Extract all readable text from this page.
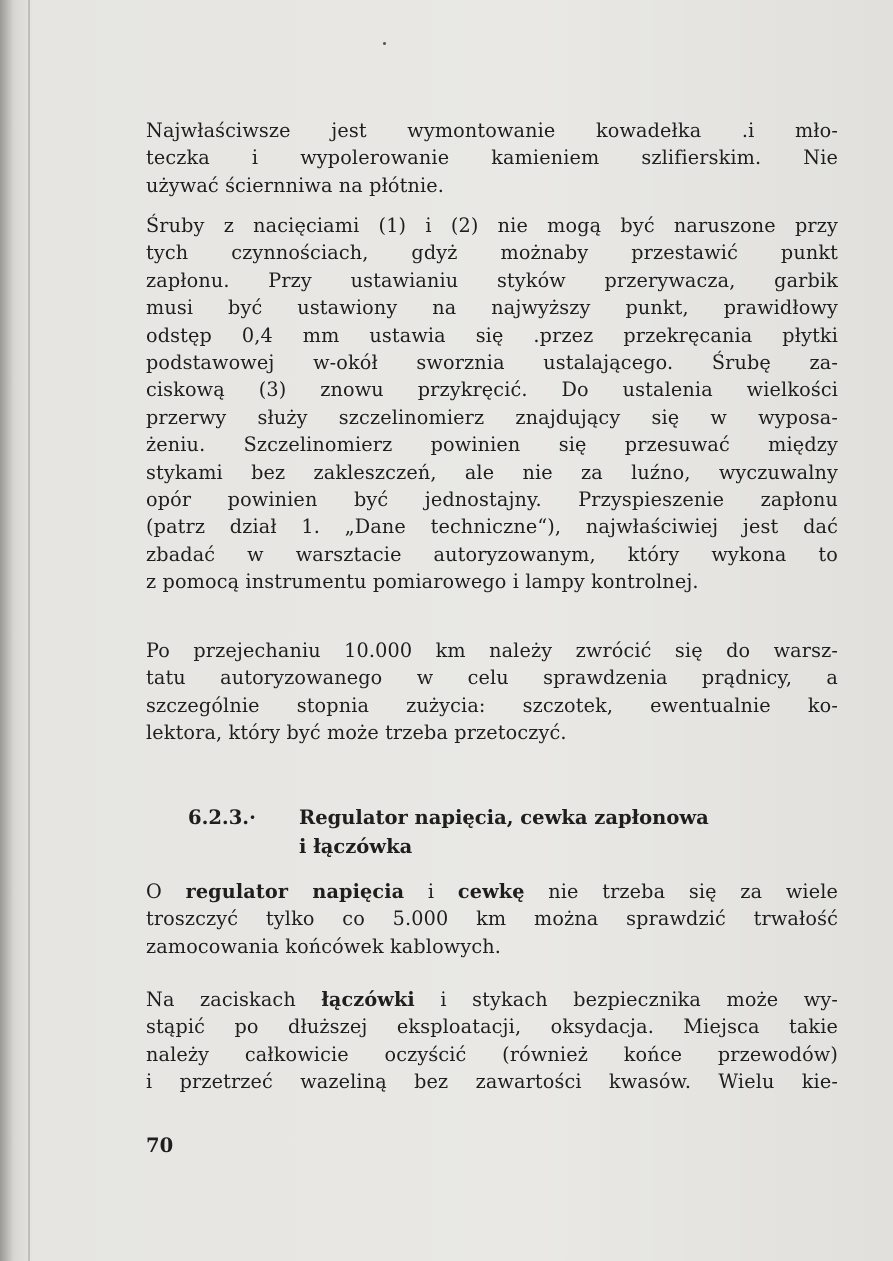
Najwłaściwsze jest wymontowanie kowadełka .i mło-
teczka i wypolerowanie kamieniem szlifierskim. Nie
używać ściernniwa na płótnie.

Śruby z nacięciami (1) i (2) nie mogą być naruszone przy
tych czynnościach, gdyż możnaby przestawić punkt
zapłonu. Przy ustawianiu styków przerywacza, garbik
musi być ustawiony na najwyższy punkt, prawidłowy
odstęp 0,4 mm ustawia się .przez przekręcania płytki
podstawowej w-okół sworznia ustalającego. Śrubę za-
ciskową (3) znowu przykręcić. Do ustalenia wielkości
przerwy służy szczelinomierz znajdujący się w wyposa-
żeniu. Szczelinomierz powinien się przesuwać między
stykami bez zakleszczeń, ale nie za luźno, wyczuwalny
opór powinien być jednostajny. Przyspieszenie zapłonu
(patrz dział 1. „Dane techniczne“), najwłaściwiej jest dać
zbadać w warsztacie autoryzowanym, który wykona to
z pomocą instrumentu pomiarowego i lampy kontrolnej.

Po przejechaniu 10.000 km należy zwrócić się do warsz-
tatu autoryzowanego w celu sprawdzenia prądnicy, a
szczególnie stopnia zużycia: szczotek, ewentualnie ko-
lektora, który być może trzeba przetoczyć.

6.2.3.· Regulator napięcia, cewka zapłonowa
i łączówka

O regulator napięcia i cewkę nie trzeba się za wiele
troszczyć tylko co 5.000 km można sprawdzić trwałość
zamocowania końcówek kablowych.

Na zaciskach łączówki i stykach bezpiecznika może wy-
stąpić po dłuższej eksploatacji, oksydacja. Miejsca takie
należy całkowicie oczyścić (również końce przewodów)
i przetrzeć wazeliną bez zawartości kwasów. Wielu kie-

70
